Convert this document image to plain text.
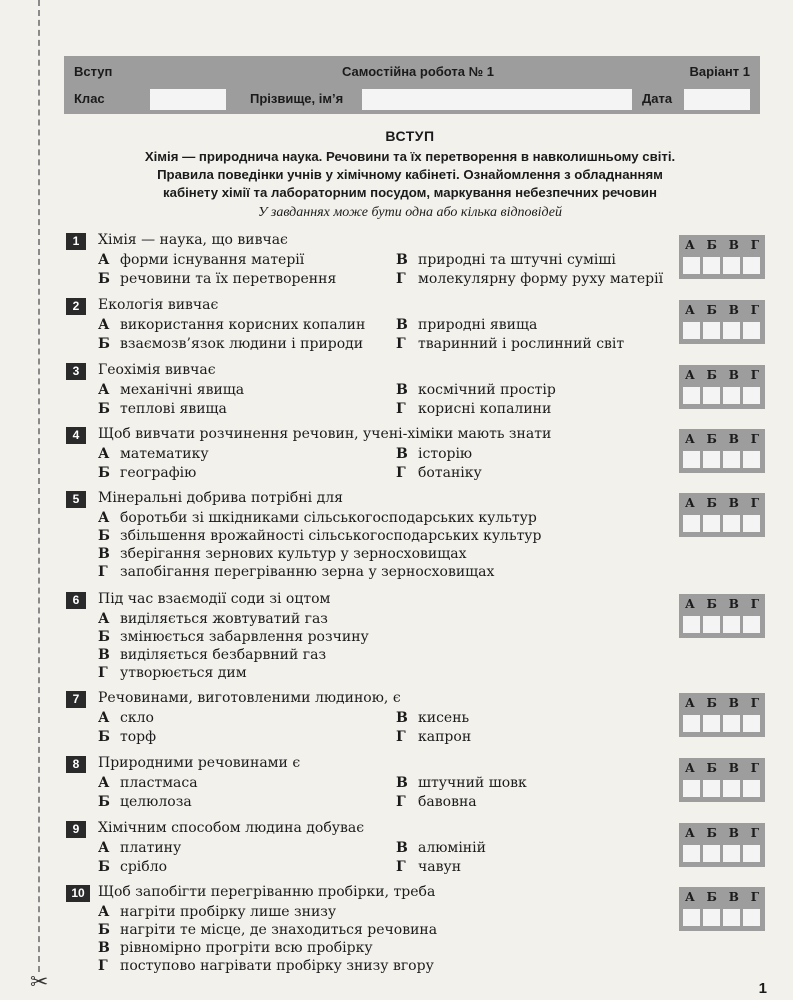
✂	1
Вступ	Самостійна робота № 1	Варіант 1
Клас	Прізвище, ім’я	Дата
ВСТУП
Хімія — природнича наука. Речовини та їх перетворення в навколишньому світі.
Правила поведінки учнів у хімічному кабінеті. Ознайомлення з обладнанням
кабінету хімії та лабораторним посудом, маркування небезпечних речовин
У завданнях може бути одна або кілька відповідей
1	Хімія — наука, що вивчає
А форми існування матерії
Б речовини та їх перетворення
В природні та штучні суміші
Г молекулярну форму руху матерії
А Б В Г
2	Екологія вивчає
А використання корисних копалин
Б взаємозв’язок людини і природи
В природні явища
Г тваринний і рослинний світ
А Б В Г
3	Геохімія вивчає
А механічні явища
Б теплові явища
В космічний простір
Г корисні копалини
А Б В Г
4	Щоб вивчати розчинення речовин, учені-хіміки мають знати
А математику
Б географію
В історію
Г ботаніку
А Б В Г
5	Мінеральні добрива потрібні для
А боротьби зі шкідниками сільськогосподарських культур
Б збільшення врожайності сільськогосподарських культур
В зберігання зернових культур у зерносховищах
Г запобігання перегріванню зерна у зерносховищах
А Б В Г
6	Під час взаємодії соди зі оцтом
А виділяється жовтуватий газ
Б змінюється забарвлення розчину
В виділяється безбарвний газ
Г утворюється дим
А Б В Г
7	Речовинами, виготовленими людиною, є
А скло
Б торф
В кисень
Г капрон
А Б В Г
8	Природними речовинами є
А пластмаса
Б целюлоза
В штучний шовк
Г бавовна
А Б В Г
9	Хімічним способом людина добуває
А платину
Б срібло
В алюміній
Г чавун
А Б В Г
10 Щоб запобігти перегріванню пробірки, треба
А нагріти пробірку лише знизу
Б нагріти те місце, де знаходиться речовина
В рівномірно прогріти всю пробірку
Г поступово нагрівати пробірку знизу вгору
А Б В Г
